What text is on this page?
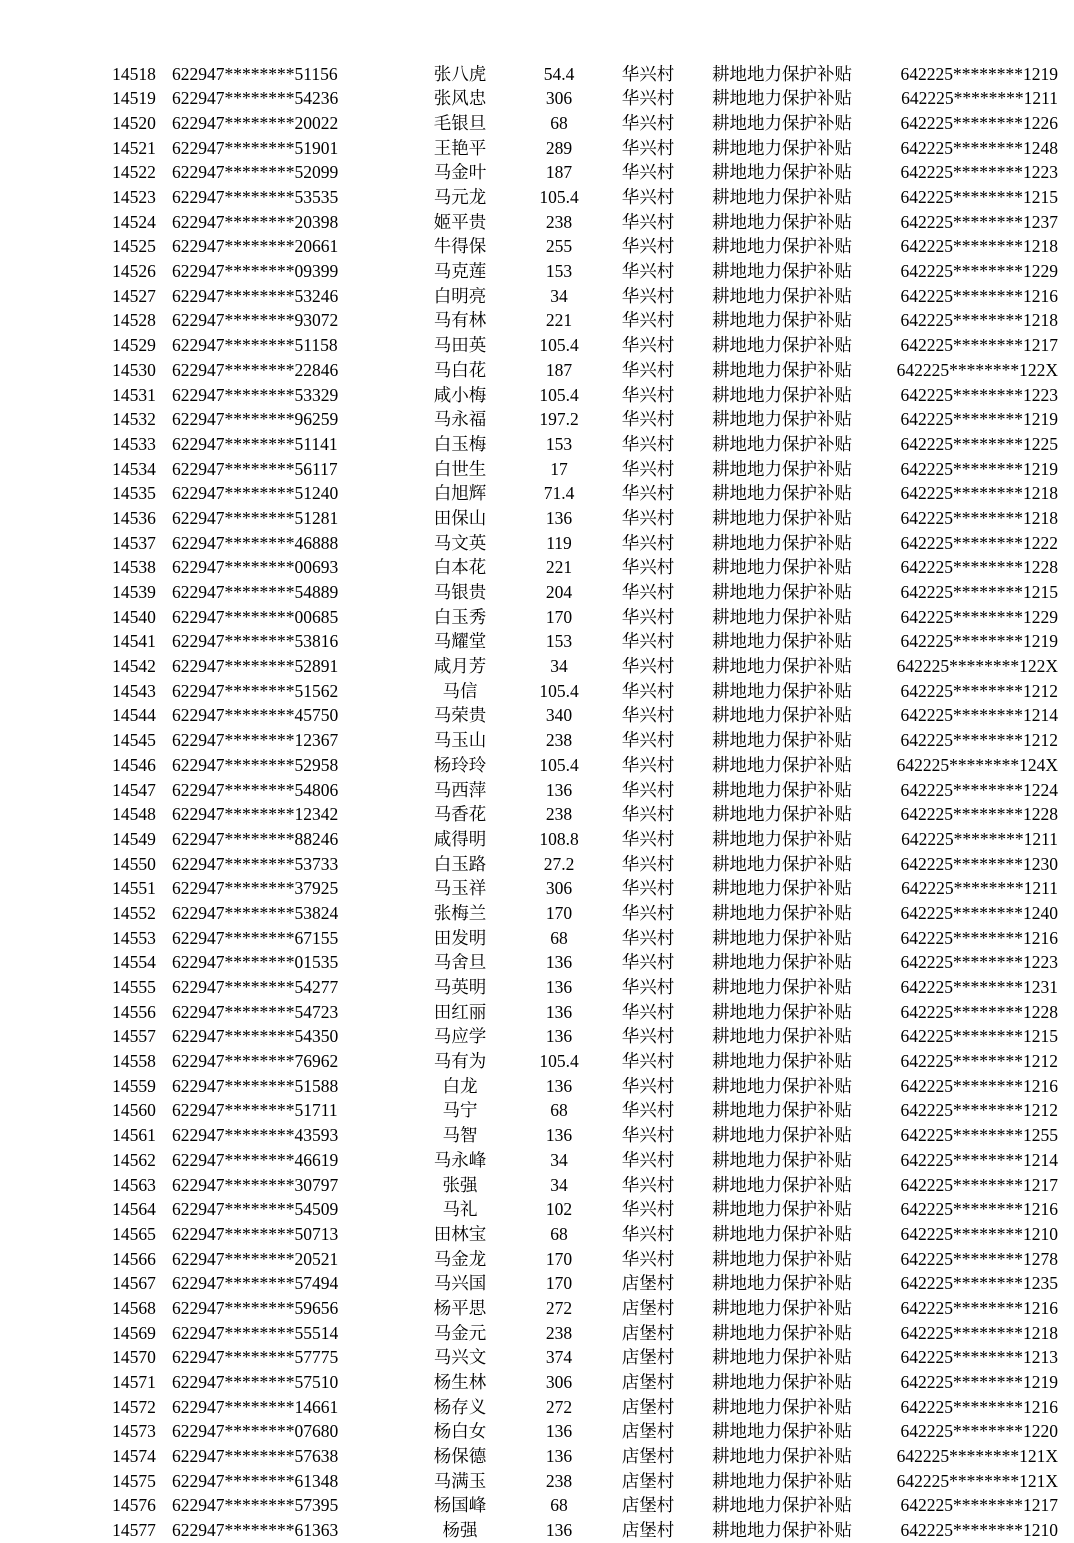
14518	622947********51156	张八虎	54.4	华兴村	耕地地力保护补贴	642225********1219
14519	622947********54236	张风忠	306	华兴村	耕地地力保护补贴	642225********1211
14520	622947********20022	毛银旦	68	华兴村	耕地地力保护补贴	642225********1226
14521	622947********51901	王艳平	289	华兴村	耕地地力保护补贴	642225********1248
14522	622947********52099	马金叶	187	华兴村	耕地地力保护补贴	642225********1223
14523	622947********53535	马元龙	105.4	华兴村	耕地地力保护补贴	642225********1215
14524	622947********20398	姬平贵	238	华兴村	耕地地力保护补贴	642225********1237
14525	622947********20661	牛得保	255	华兴村	耕地地力保护补贴	642225********1218
14526	622947********09399	马克莲	153	华兴村	耕地地力保护补贴	642225********1229
14527	622947********53246	白明亮	34	华兴村	耕地地力保护补贴	642225********1216
14528	622947********93072	马有林	221	华兴村	耕地地力保护补贴	642225********1218
14529	622947********51158	马田英	105.4	华兴村	耕地地力保护补贴	642225********1217
14530	622947********22846	马白花	187	华兴村	耕地地力保护补贴	642225********122X
14531	622947********53329	咸小梅	105.4	华兴村	耕地地力保护补贴	642225********1223
14532	622947********96259	马永福	197.2	华兴村	耕地地力保护补贴	642225********1219
14533	622947********51141	白玉梅	153	华兴村	耕地地力保护补贴	642225********1225
14534	622947********56117	白世生	17	华兴村	耕地地力保护补贴	642225********1219
14535	622947********51240	白旭辉	71.4	华兴村	耕地地力保护补贴	642225********1218
14536	622947********51281	田保山	136	华兴村	耕地地力保护补贴	642225********1218
14537	622947********46888	马文英	119	华兴村	耕地地力保护补贴	642225********1222
14538	622947********00693	白本花	221	华兴村	耕地地力保护补贴	642225********1228
14539	622947********54889	马银贵	204	华兴村	耕地地力保护补贴	642225********1215
14540	622947********00685	白玉秀	170	华兴村	耕地地力保护补贴	642225********1229
14541	622947********53816	马耀堂	153	华兴村	耕地地力保护补贴	642225********1219
14542	622947********52891	咸月芳	34	华兴村	耕地地力保护补贴	642225********122X
14543	622947********51562	马信	105.4	华兴村	耕地地力保护补贴	642225********1212
14544	622947********45750	马荣贵	340	华兴村	耕地地力保护补贴	642225********1214
14545	622947********12367	马玉山	238	华兴村	耕地地力保护补贴	642225********1212
14546	622947********52958	杨玲玲	105.4	华兴村	耕地地力保护补贴	642225********124X
14547	622947********54806	马西萍	136	华兴村	耕地地力保护补贴	642225********1224
14548	622947********12342	马香花	238	华兴村	耕地地力保护补贴	642225********1228
14549	622947********88246	咸得明	108.8	华兴村	耕地地力保护补贴	642225********1211
14550	622947********53733	白玉路	27.2	华兴村	耕地地力保护补贴	642225********1230
14551	622947********37925	马玉祥	306	华兴村	耕地地力保护补贴	642225********1211
14552	622947********53824	张梅兰	170	华兴村	耕地地力保护补贴	642225********1240
14553	622947********67155	田发明	68	华兴村	耕地地力保护补贴	642225********1216
14554	622947********01535	马舍旦	136	华兴村	耕地地力保护补贴	642225********1223
14555	622947********54277	马英明	136	华兴村	耕地地力保护补贴	642225********1231
14556	622947********54723	田红丽	136	华兴村	耕地地力保护补贴	642225********1228
14557	622947********54350	马应学	136	华兴村	耕地地力保护补贴	642225********1215
14558	622947********76962	马有为	105.4	华兴村	耕地地力保护补贴	642225********1212
14559	622947********51588	白龙	136	华兴村	耕地地力保护补贴	642225********1216
14560	622947********51711	马宁	68	华兴村	耕地地力保护补贴	642225********1212
14561	622947********43593	马智	136	华兴村	耕地地力保护补贴	642225********1255
14562	622947********46619	马永峰	34	华兴村	耕地地力保护补贴	642225********1214
14563	622947********30797	张强	34	华兴村	耕地地力保护补贴	642225********1217
14564	622947********54509	马礼	102	华兴村	耕地地力保护补贴	642225********1216
14565	622947********50713	田林宝	68	华兴村	耕地地力保护补贴	642225********1210
14566	622947********20521	马金龙	170	华兴村	耕地地力保护补贴	642225********1278
14567	622947********57494	马兴国	170	店堡村	耕地地力保护补贴	642225********1235
14568	622947********59656	杨平思	272	店堡村	耕地地力保护补贴	642225********1216
14569	622947********55514	马金元	238	店堡村	耕地地力保护补贴	642225********1218
14570	622947********57775	马兴文	374	店堡村	耕地地力保护补贴	642225********1213
14571	622947********57510	杨生林	306	店堡村	耕地地力保护补贴	642225********1219
14572	622947********14661	杨存义	272	店堡村	耕地地力保护补贴	642225********1216
14573	622947********07680	杨白女	136	店堡村	耕地地力保护补贴	642225********1220
14574	622947********57638	杨保德	136	店堡村	耕地地力保护补贴	642225********121X
14575	622947********61348	马满玉	238	店堡村	耕地地力保护补贴	642225********121X
14576	622947********57395	杨国峰	68	店堡村	耕地地力保护补贴	642225********1217
14577	622947********61363	杨强	136	店堡村	耕地地力保护补贴	642225********1210
